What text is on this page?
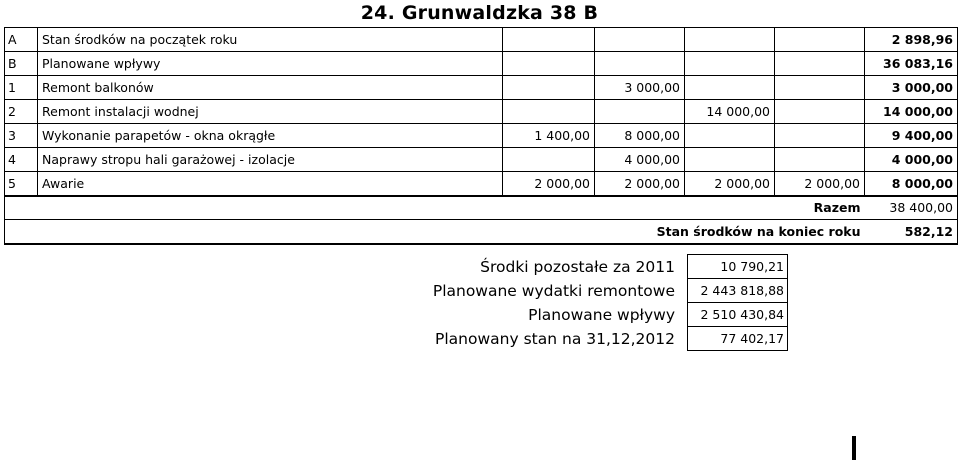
24. Grunwaldzka 38 B
A	Stan środków na początek roku					2 898,96
B	Planowane wpływy					36 083,16
1	Remont balkonów		3 000,00			3 000,00
2	Remont instalacji wodnej			14 000,00		14 000,00
3	Wykonanie parapetów - okna okrągłe	1 400,00	8 000,00			9 400,00
4	Naprawy stropu hali garażowej - izolacje		4 000,00			4 000,00
5	Awarie	2 000,00	2 000,00	2 000,00	2 000,00	8 000,00
Razem						38 400,00
Stan środków na koniec roku						582,12
Środki pozostałe za 2011	10 790,21
Planowane wydatki remontowe	2 443 818,88
Planowane wpływy	2 510 430,84
Planowany stan na 31,12,2012	77 402,17
